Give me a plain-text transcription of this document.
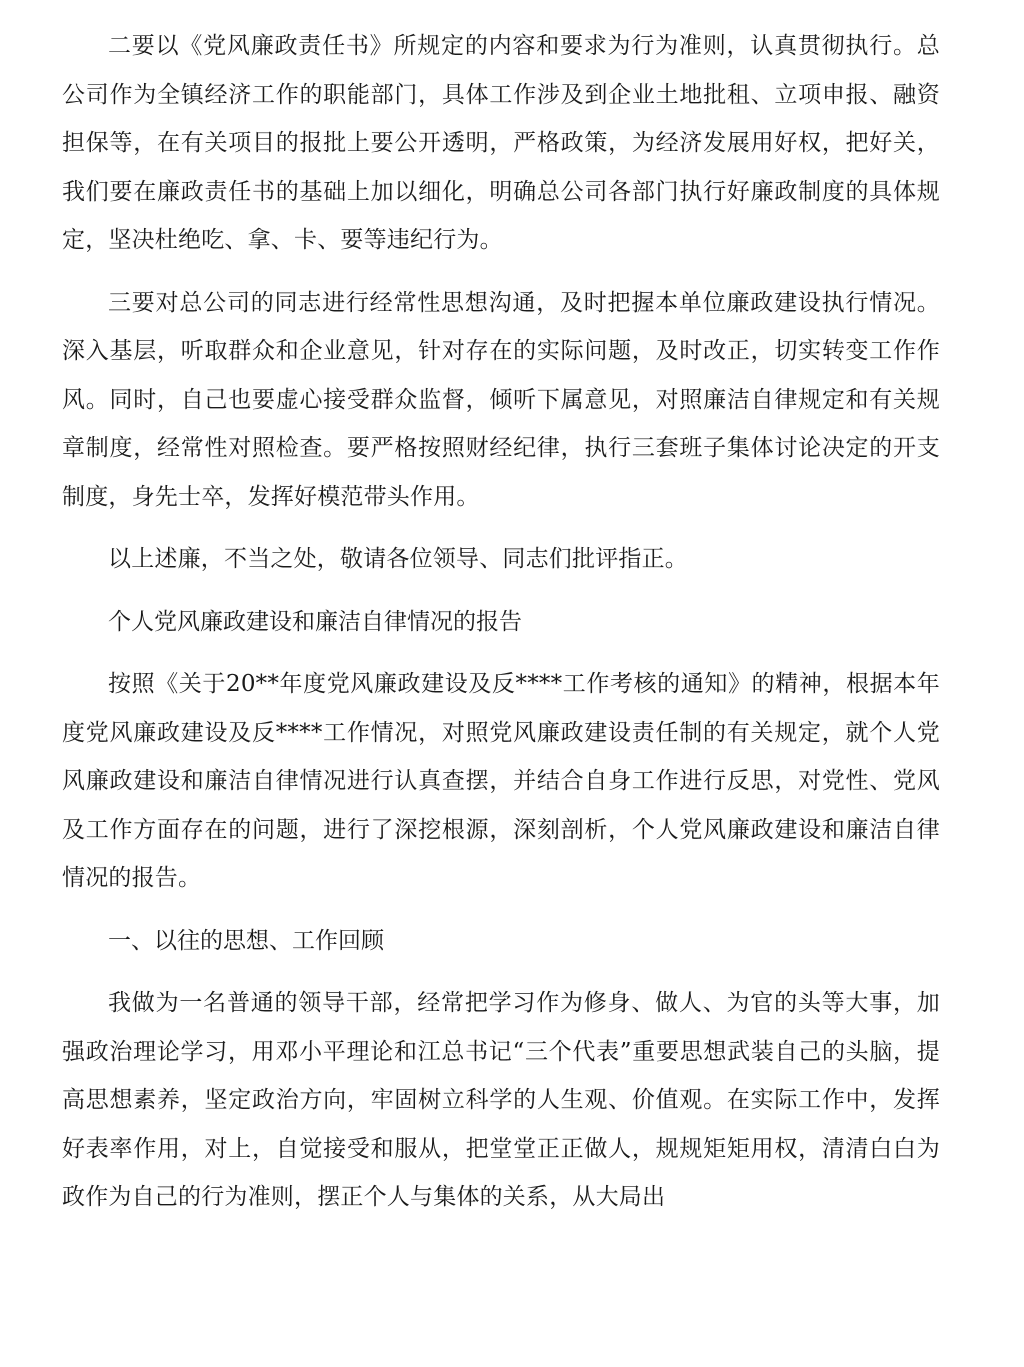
二要以《党风廉政责任书》所规定的内容和要求为行为准则，认真贯彻执行。总公司作为全镇经济工作的职能部门，具体工作涉及到企业土地批租、立项申报、融资担保等，在有关项目的报批上要公开透明，严格政策，为经济发展用好权，把好关，我们要在廉政责任书的基础上加以细化，明确总公司各部门执行好廉政制度的具体规定，坚决杜绝吃、拿、卡、要等违纪行为。

三要对总公司的同志进行经常性思想沟通，及时把握本单位廉政建设执行情况。深入基层，听取群众和企业意见，针对存在的实际问题，及时改正，切实转变工作作风。同时，自己也要虚心接受群众监督，倾听下属意见，对照廉洁自律规定和有关规章制度，经常性对照检查。要严格按照财经纪律，执行三套班子集体讨论决定的开支制度，身先士卒，发挥好模范带头作用。

以上述廉，不当之处，敬请各位领导、同志们批评指正。

个人党风廉政建设和廉洁自律情况的报告

按照《关于20**年度党风廉政建设及反****工作考核的通知》的精神，根据本年度党风廉政建设及反****工作情况，对照党风廉政建设责任制的有关规定，就个人党风廉政建设和廉洁自律情况进行认真查摆，并结合自身工作进行反思，对党性、党风及工作方面存在的问题，进行了深挖根源，深刻剖析，个人党风廉政建设和廉洁自律情况的报告。

一、以往的思想、工作回顾

我做为一名普通的领导干部，经常把学习作为修身、做人、为官的头等大事，加强政治理论学习，用邓小平理论和江总书记“三个代表”重要思想武装自己的头脑，提高思想素养，坚定政治方向，牢固树立科学的人生观、价值观。在实际工作中，发挥好表率作用，对上，自觉接受和服从，把堂堂正正做人，规规矩矩用权，清清白白为政作为自己的行为准则，摆正个人与集体的关系，从大局出
